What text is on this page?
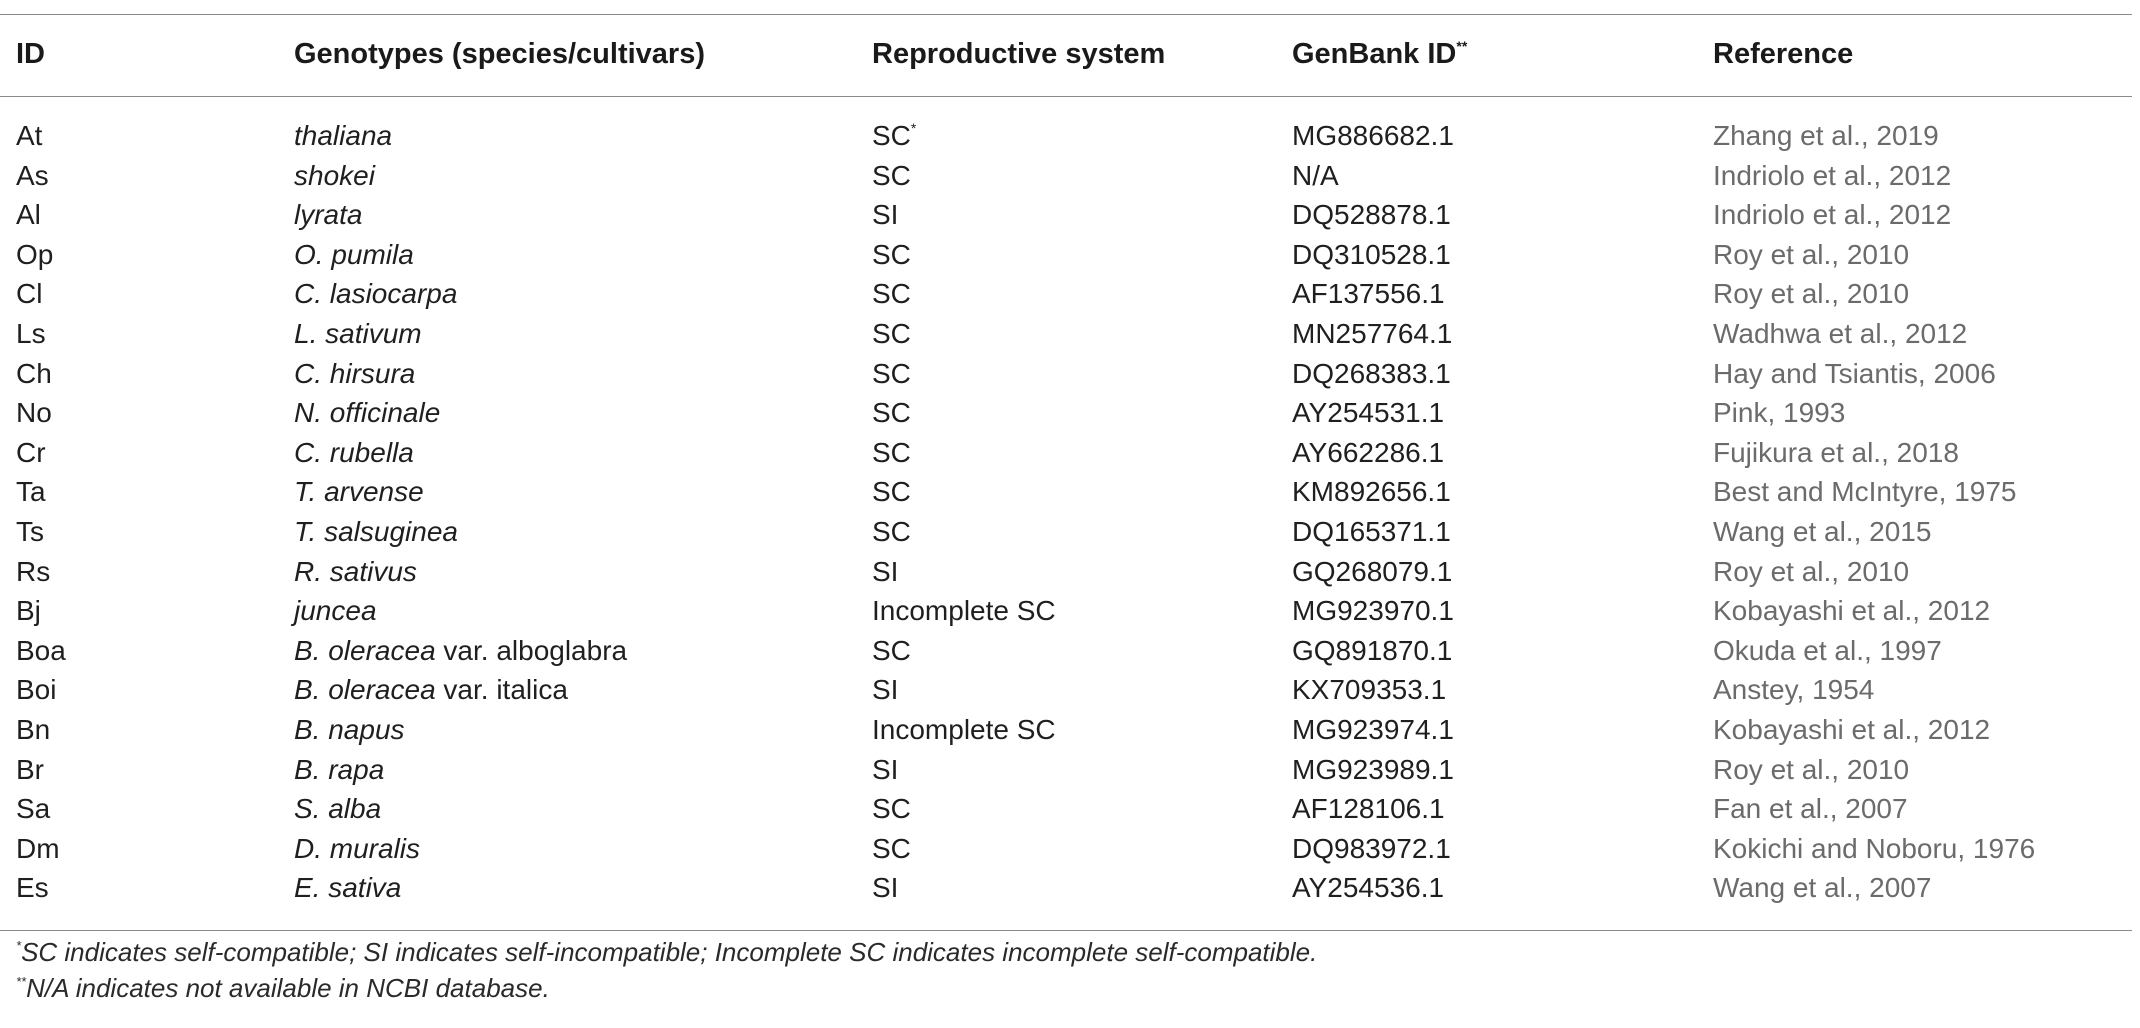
ID	Genotypes (species/cultivars)	Reproductive system	GenBank ID**	Reference
At	thaliana	SC*	MG886682.1	Zhang et al., 2019
As	shokei	SC	N/A	Indriolo et al., 2012
Al	lyrata	SI	DQ528878.1	Indriolo et al., 2012
Op	O. pumila	SC	DQ310528.1	Roy et al., 2010
Cl	C. lasiocarpa	SC	AF137556.1	Roy et al., 2010
Ls	L. sativum	SC	MN257764.1	Wadhwa et al., 2012
Ch	C. hirsura	SC	DQ268383.1	Hay and Tsiantis, 2006
No	N. officinale	SC	AY254531.1	Pink, 1993
Cr	C. rubella	SC	AY662286.1	Fujikura et al., 2018
Ta	T. arvense	SC	KM892656.1	Best and McIntyre, 1975
Ts	T. salsuginea	SC	DQ165371.1	Wang et al., 2015
Rs	R. sativus	SI	GQ268079.1	Roy et al., 2010
Bj	juncea	Incomplete SC	MG923970.1	Kobayashi et al., 2012
Boa	B. oleracea var. alboglabra	SC	GQ891870.1	Okuda et al., 1997
Boi	B. oleracea var. italica	SI	KX709353.1	Anstey, 1954
Bn	B. napus	Incomplete SC	MG923974.1	Kobayashi et al., 2012
Br	B. rapa	SI	MG923989.1	Roy et al., 2010
Sa	S. alba	SC	AF128106.1	Fan et al., 2007
Dm	D. muralis	SC	DQ983972.1	Kokichi and Noboru, 1976
Es	E. sativa	SI	AY254536.1	Wang et al., 2007
*SC indicates self-compatible; SI indicates self-incompatible; Incomplete SC indicates incomplete self-compatible.
**N/A indicates not available in NCBI database.
